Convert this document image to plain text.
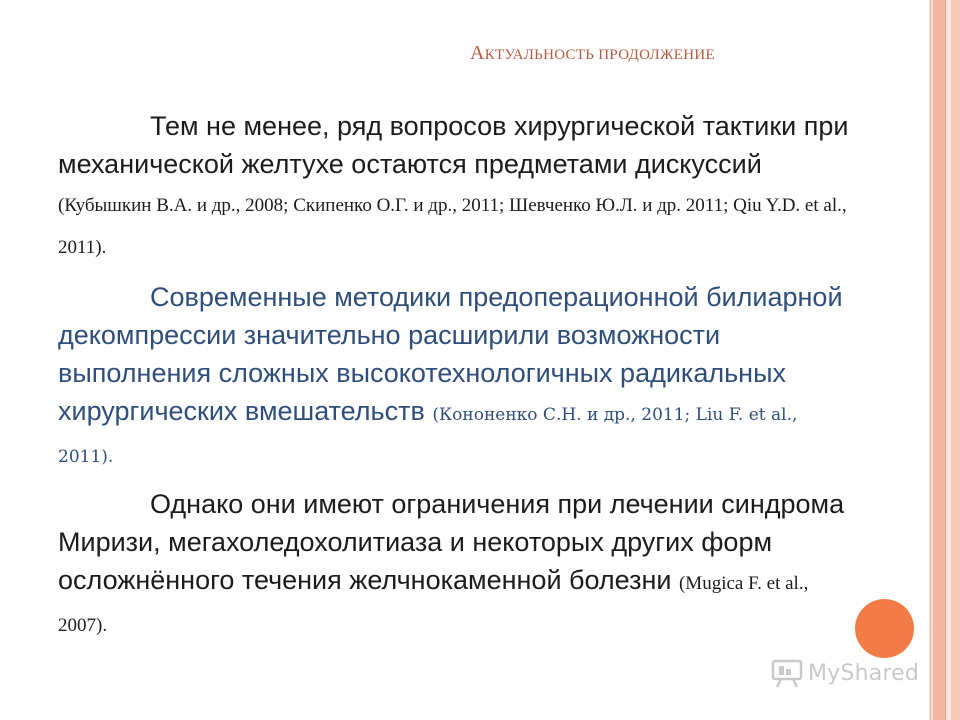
АКТУАЛЬНОСТЬ ПРОДОЛЖЕНИЕ

Тем не менее, ряд вопросов хирургической тактики при механической желтухе остаются предметами дискуссий (Кубышкин В.А. и др., 2008; Скипенко О.Г. и др., 2011; Шевченко Ю.Л. и др. 2011; Qiu Y.D. et al., 2011).

Современные методики предоперационной билиарной декомпрессии значительно расширили возможности выполнения сложных высокотехнологичных радикальных хирургических вмешательств (Кононенко С.Н. и др., 2011; Liu F. et al., 2011).

Однако они имеют ограничения при лечении синдрома Миризи, мегахоледохолитиаза и некоторых других форм осложнённого течения желчнокаменной болезни (Mugica F. et al., 2007).

MyShared
